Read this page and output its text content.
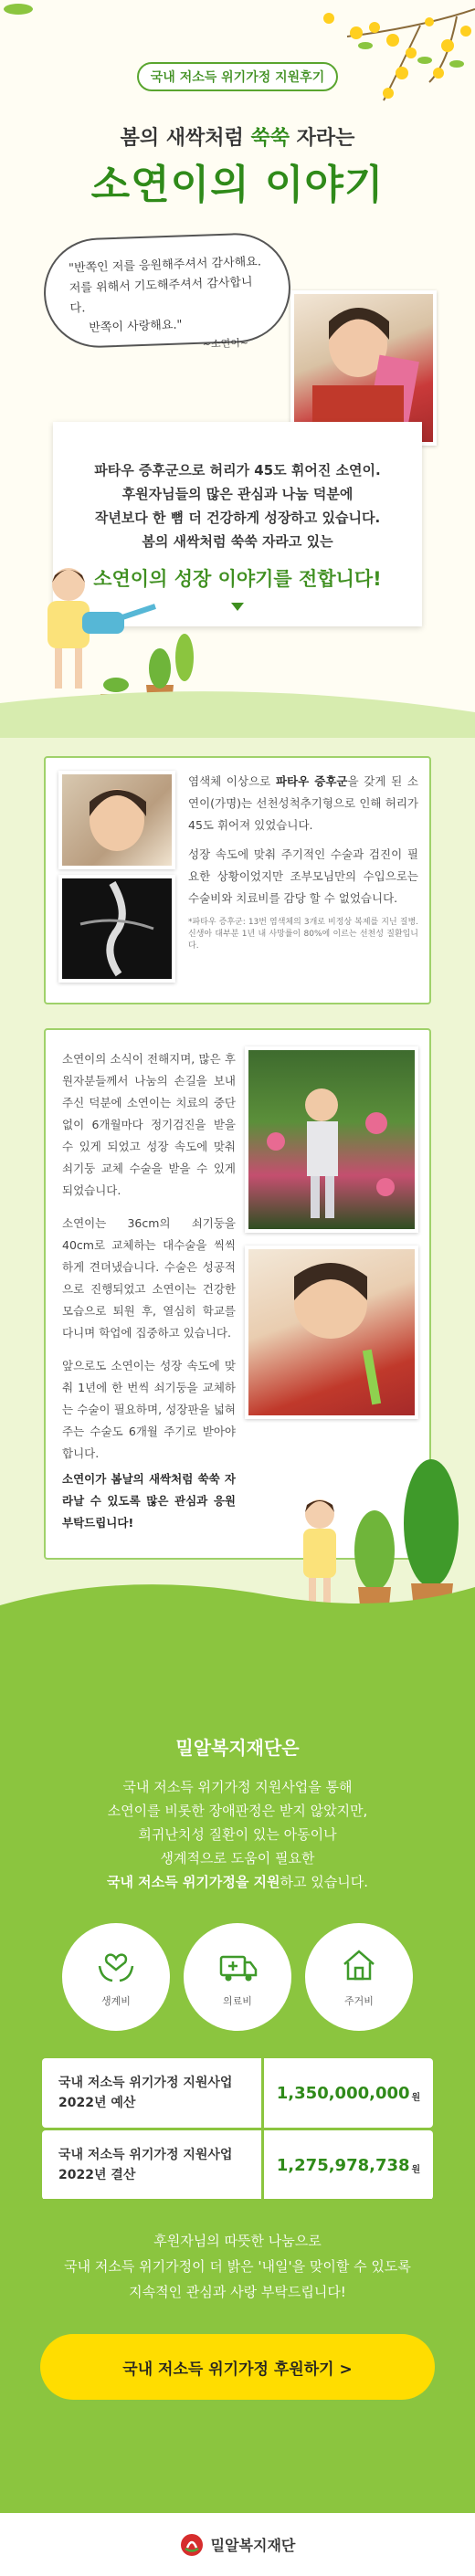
국내 저소득 위기가정 지원후기
봄의 새싹처럼 쑥쑥 자라는
소연이의 이야기
"반쪽인 저를 응원해주셔서 감사해요.
저를 위해서 기도해주셔서 감사합니다.
반쪽이 사랑해요."
~소연이~
파타우 증후군으로 허리가 45도 휘어진 소연이.
후원자님들의 많은 관심과 나눔 덕분에
작년보다 한 뼘 더 건강하게 성장하고 있습니다.
봄의 새싹처럼 쑥쑥 자라고 있는
소연이의 성장 이야기를 전합니다!

염색체 이상으로 파타우 증후군을 갖게 된 소연이(가명)는 선천성척추기형으로 인해 허리가 45도 휘어져 있었습니다.

성장 속도에 맞춰 주기적인 수술과 검진이 필요한 상황이었지만 조부모님만의 수입으로는 수술비와 치료비를 감당 할 수 없었습니다.

*파타우 증후군: 13번 염색체의 3개로 비정상 복제를 지닌 질병. 신생아 대부분 1년 내 사망률이 80%에 이르는 선천성 질환입니다.

소연이의 소식이 전해지며, 많은 후원자분들께서 나눔의 손길을 보내주신 덕분에 소연이는 치료의 중단 없이 6개월마다 정기검진을 받을 수 있게 되었고 성장 속도에 맞춰 쇠기둥 교체 수술을 받을 수 있게 되었습니다.

소연이는 36cm의 쇠기둥을 40cm로 교체하는 대수술을 씩씩하게 견뎌냈습니다. 수술은 성공적으로 진행되었고 소연이는 건강한 모습으로 퇴원 후, 열심히 학교를 다니며 학업에 집중하고 있습니다.

앞으로도 소연이는 성장 속도에 맞춰 1년에 한 번씩 쇠기둥을 교체하는 수술이 필요하며, 성장판을 넓혀주는 수술도 6개월 주기로 받아야 합니다.

소연이가 봄날의 새싹처럼 쑥쑥 자라날 수 있도록 많은 관심과 응원 부탁드립니다!

밀알복지재단은
국내 저소득 위기가정 지원사업을 통해
소연이를 비롯한 장애판정은 받지 않았지만,
희귀난치성 질환이 있는 아동이나
생계적으로 도움이 필요한
국내 저소득 위기가정을 지원하고 있습니다.
생계비	의료비	주거비
국내 저소득 위기가정 지원사업
2022년 예산
1,350,000,000 원
국내 저소득 위기가정 지원사업
2022년 결산
1,275,978,738 원
후원자님의 따뜻한 나눔으로
국내 저소득 위기가정이 더 밝은 '내일'을 맞이할 수 있도록
지속적인 관심과 사랑 부탁드립니다!
국내 저소득 위기가정 후원하기 >
밀알복지재단
